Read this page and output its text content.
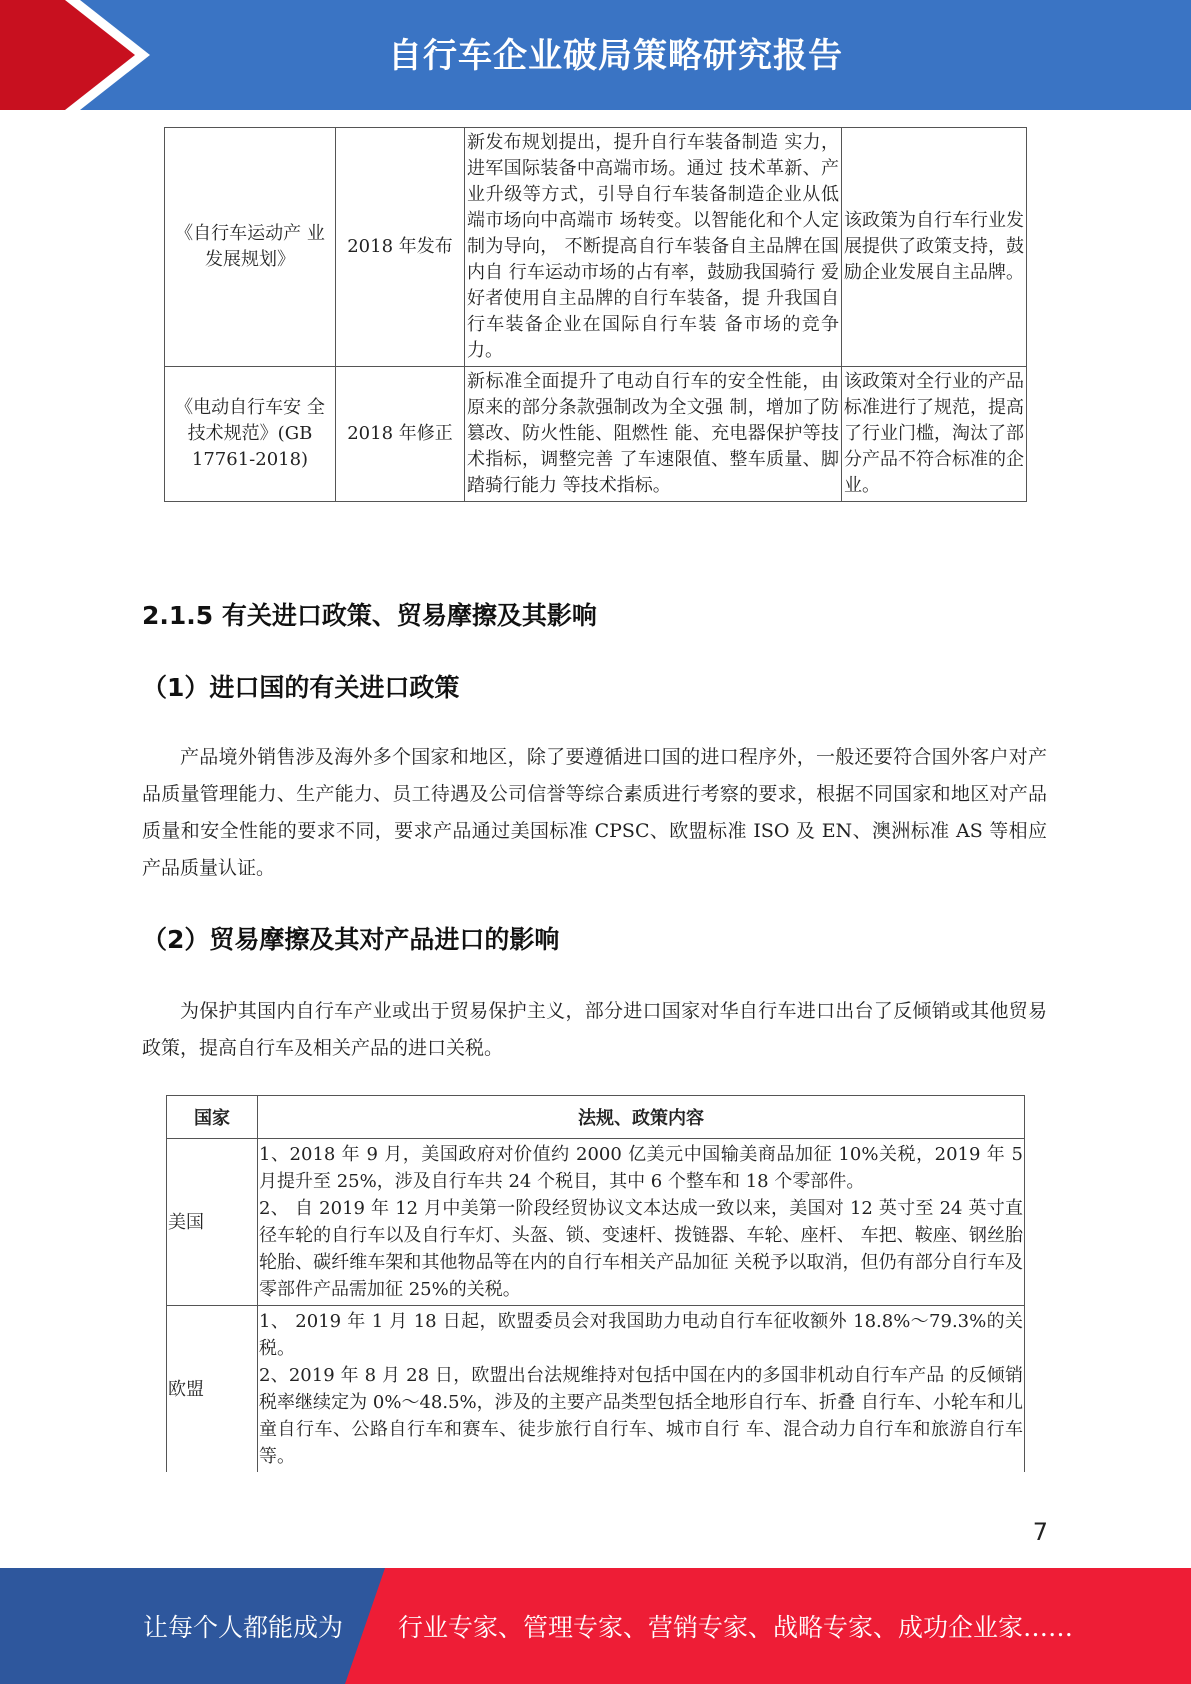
自行车企业破局策略研究报告
《自行车运动产 业发展规划》	2018 年发布	新发布规划提出，提升自行车装备制造 实力，进军国际装备中高端市场。通过 技术革新、产业升级等方式，引导自行车装备制造企业从低端市场向中高端市 场转变。以智能化和个人定制为导向， 不断提高自行车装备自主品牌在国内自 行车运动市场的占有率，鼓励我国骑行 爱好者使用自主品牌的自行车装备，提 升我国自行车装备企业在国际自行车装 备市场的竞争力。	该政策为自行车行业发展提供了政策支持，鼓励企业发展自主品牌。
《电动自行车安 全技术规范》(GB 17761-2018)	2018 年修正	新标准全面提升了电动自行车的安全性能，由原来的部分条款强制改为全文强 制，增加了防篡改、防火性能、阻燃性 能、充电器保护等技术指标，调整完善 了车速限值、整车质量、脚踏骑行能力 等技术指标。	该政策对全行业的产品标准进行了规范，提高了行业门槛，淘汰了部分产品不符合标准的企业。
2.1.5 有关进口政策、贸易摩擦及其影响
（1）进口国的有关进口政策
产品境外销售涉及海外多个国家和地区，除了要遵循进口国的进口程序外，一般还要符合国外客户对产品质量管理能力、生产能力、员工待遇及公司信誉等综合素质进行考察的要求，根据不同国家和地区对产品质量和安全性能的要求不同，要求产品通过美国标准 CPSC、欧盟标准 ISO 及 EN、澳洲标准 AS 等相应产品质量认证。
（2）贸易摩擦及其对产品进口的影响
为保护其国内自行车产业或出于贸易保护主义，部分进口国家对华自行车进口出台了反倾销或其他贸易政策，提高自行车及相关产品的进口关税。
国家	法规、政策内容
美国	1、2018 年 9 月，美国政府对价值约 2000 亿美元中国输美商品加征 10%关税，2019 年 5 月提升至 25%，涉及自行车共 24 个税目，其中 6 个整车和 18 个零部件。
2、 自 2019 年 12 月中美第一阶段经贸协议文本达成一致以来，美国对 12 英寸至 24 英寸直径车轮的自行车以及自行车灯、头盔、锁、变速杆、拨链器、车轮、座杆、 车把、鞍座、钢丝胎轮胎、碳纤维车架和其他物品等在内的自行车相关产品加征 关税予以取消，但仍有部分自行车及零部件产品需加征 25%的关税。

欧盟	1、 2019 年 1 月 18 日起，欧盟委员会对我国助力电动自行车征收额外 18.8%～79.3%的关税。
2、2019 年 8 月 28 日，欧盟出台法规维持对包括中国在内的多国非机动自行车产品 的反倾销税率继续定为 0%～48.5%，涉及的主要产品类型包括全地形自行车、折叠 自行车、小轮车和儿童自行车、公路自行车和赛车、徒步旅行自行车、城市自行 车、混合动力自行车和旅游自行车等。
7
让每个人都能成为 行业专家、管理专家、营销专家、战略专家、成功企业家……
